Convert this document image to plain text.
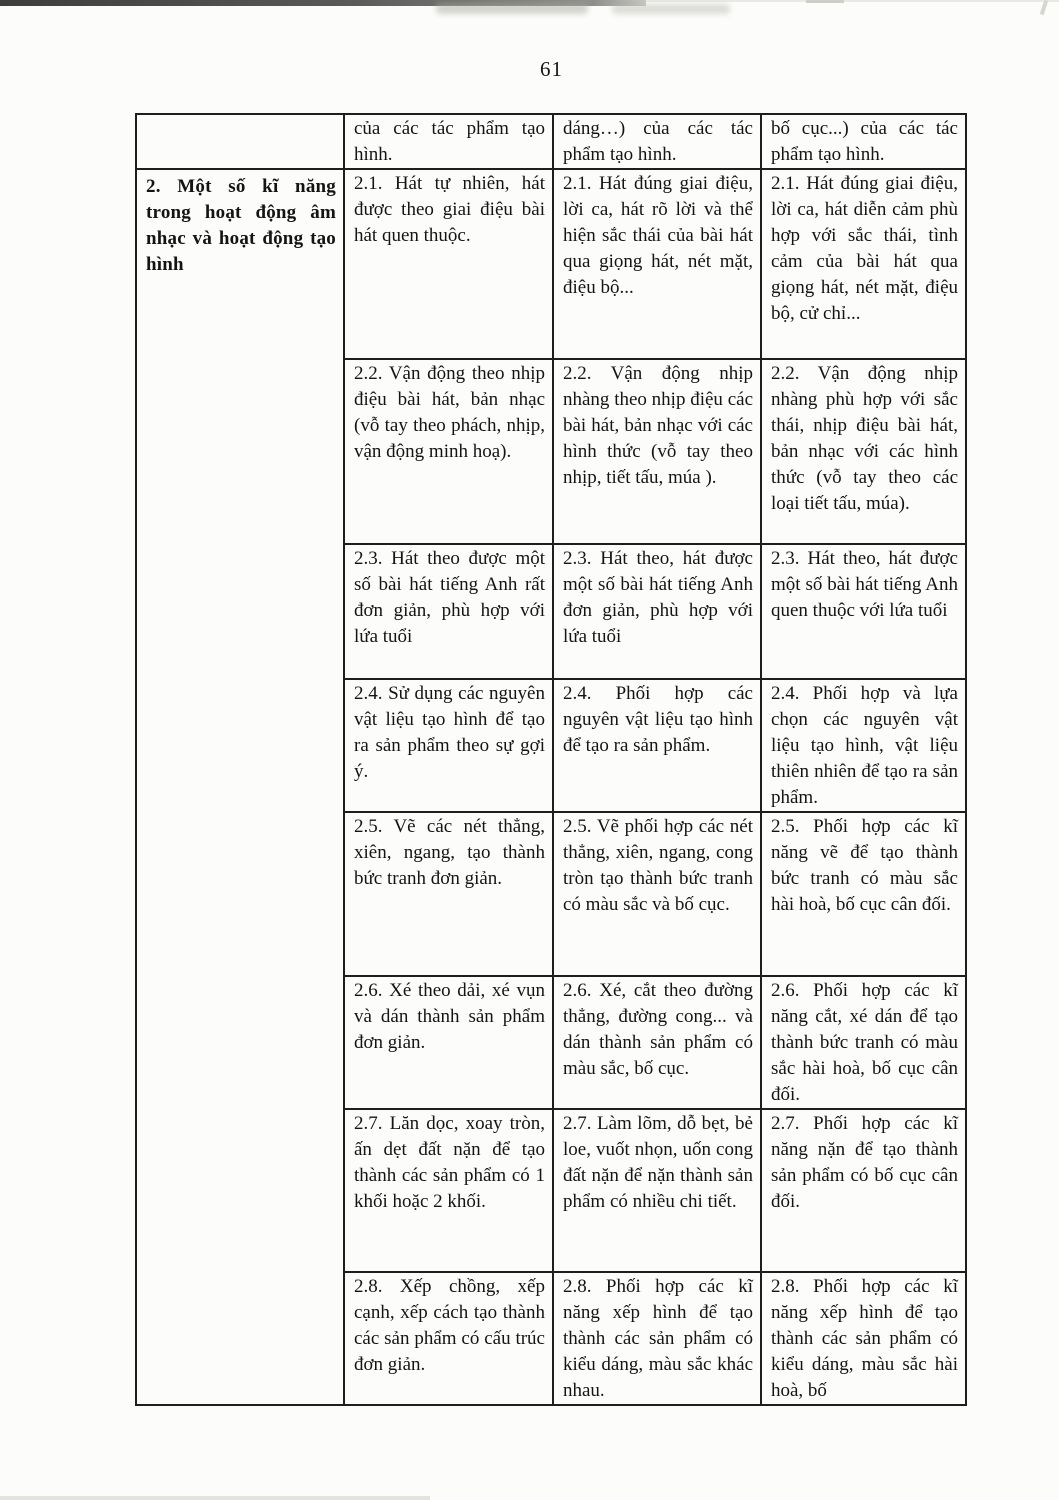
61
	của các tác phẩm tạo hình.	dáng…) của các tác phẩm tạo hình.	bố cục...) của các tác phẩm tạo hình.
2. Một số kĩ năng trong hoạt động âm nhạc và hoạt động tạo hình	2.1. Hát tự nhiên, hát được theo giai điệu bài hát quen thuộc.	2.1. Hát đúng giai điệu, lời ca, hát rõ lời và thể hiện sắc thái của bài hát qua giọng hát, nét mặt, điệu bộ...	2.1. Hát đúng giai điệu, lời ca, hát diễn cảm phù hợp với sắc thái, tình cảm của bài hát qua giọng hát, nét mặt, điệu bộ, cử chỉ...
	2.2. Vận động theo nhịp điệu bài hát, bản nhạc (vỗ tay theo phách, nhịp, vận động minh hoạ).	2.2. Vận động nhịp nhàng theo nhịp điệu các bài hát, bản nhạc với các hình thức (vỗ tay theo nhịp, tiết tấu, múa ).	2.2. Vận động nhịp nhàng phù hợp với sắc thái, nhịp điệu bài hát, bản nhạc với các hình thức (vỗ tay theo các loại tiết tấu, múa).
	2.3. Hát theo được một số bài hát tiếng Anh rất đơn giản, phù hợp với lứa tuổi	2.3. Hát theo, hát được một số bài hát tiếng Anh đơn giản, phù hợp với lứa tuổi	2.3. Hát theo, hát được một số bài hát tiếng Anh quen thuộc với lứa tuổi
	2.4. Sử dụng các nguyên vật liệu tạo hình để tạo ra sản phẩm theo sự gợi ý.	2.4. Phối hợp các nguyên vật liệu tạo hình để tạo ra sản phẩm.	2.4. Phối hợp và lựa chọn các nguyên vật liệu tạo hình, vật liệu thiên nhiên để tạo ra sản phẩm.
	2.5. Vẽ các nét thẳng, xiên, ngang, tạo thành bức tranh đơn giản.	2.5. Vẽ phối hợp các nét thẳng, xiên, ngang, cong tròn tạo thành bức tranh có màu sắc và bố cục.	2.5. Phối hợp các kĩ năng vẽ để tạo thành bức tranh có màu sắc hài hoà, bố cục cân đối.
	2.6. Xé theo dải, xé vụn và dán thành sản phẩm đơn giản.	2.6. Xé, cắt theo đường thẳng, đường cong... và dán thành sản phẩm có màu sắc, bố cục.	2.6. Phối hợp các kĩ năng cắt, xé dán để tạo thành bức tranh có màu sắc hài hoà, bố cục cân đối.
	2.7. Lăn dọc, xoay tròn, ấn dẹt đất nặn để tạo thành các sản phẩm có 1 khối hoặc 2 khối.	2.7. Làm lõm, dỗ bẹt, bẻ loe, vuốt nhọn, uốn cong đất nặn để nặn thành sản phẩm có nhiều chi tiết.	2.7. Phối hợp các kĩ năng nặn để tạo thành sản phẩm có bố cục cân đối.
	2.8. Xếp chồng, xếp cạnh, xếp cách tạo thành các sản phẩm có cấu trúc đơn giản.	2.8. Phối hợp các kĩ năng xếp hình để tạo thành các sản phẩm có kiểu dáng, màu sắc khác nhau.	2.8. Phối hợp các kĩ năng xếp hình để tạo thành các sản phẩm có kiểu dáng, màu sắc hài hoà, bố
